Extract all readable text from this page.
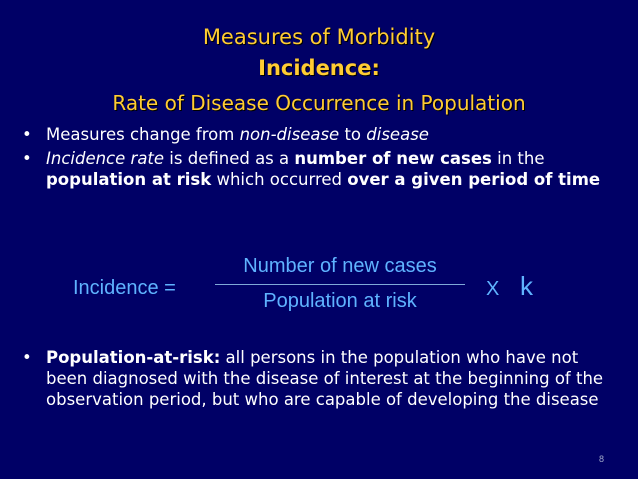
Measures of Morbidity
Incidence:
Rate of Disease Occurrence in Population
• Measures change from non-disease to disease
• Incidence rate is defined as a number of new cases in the population at risk which occurred over a given period of time
Incidence =
Number of new cases
Population at risk
X k
• Population-at-risk: all persons in the population who have not been diagnosed with the disease of interest at the beginning of the observation period, but who are capable of developing the disease
8
